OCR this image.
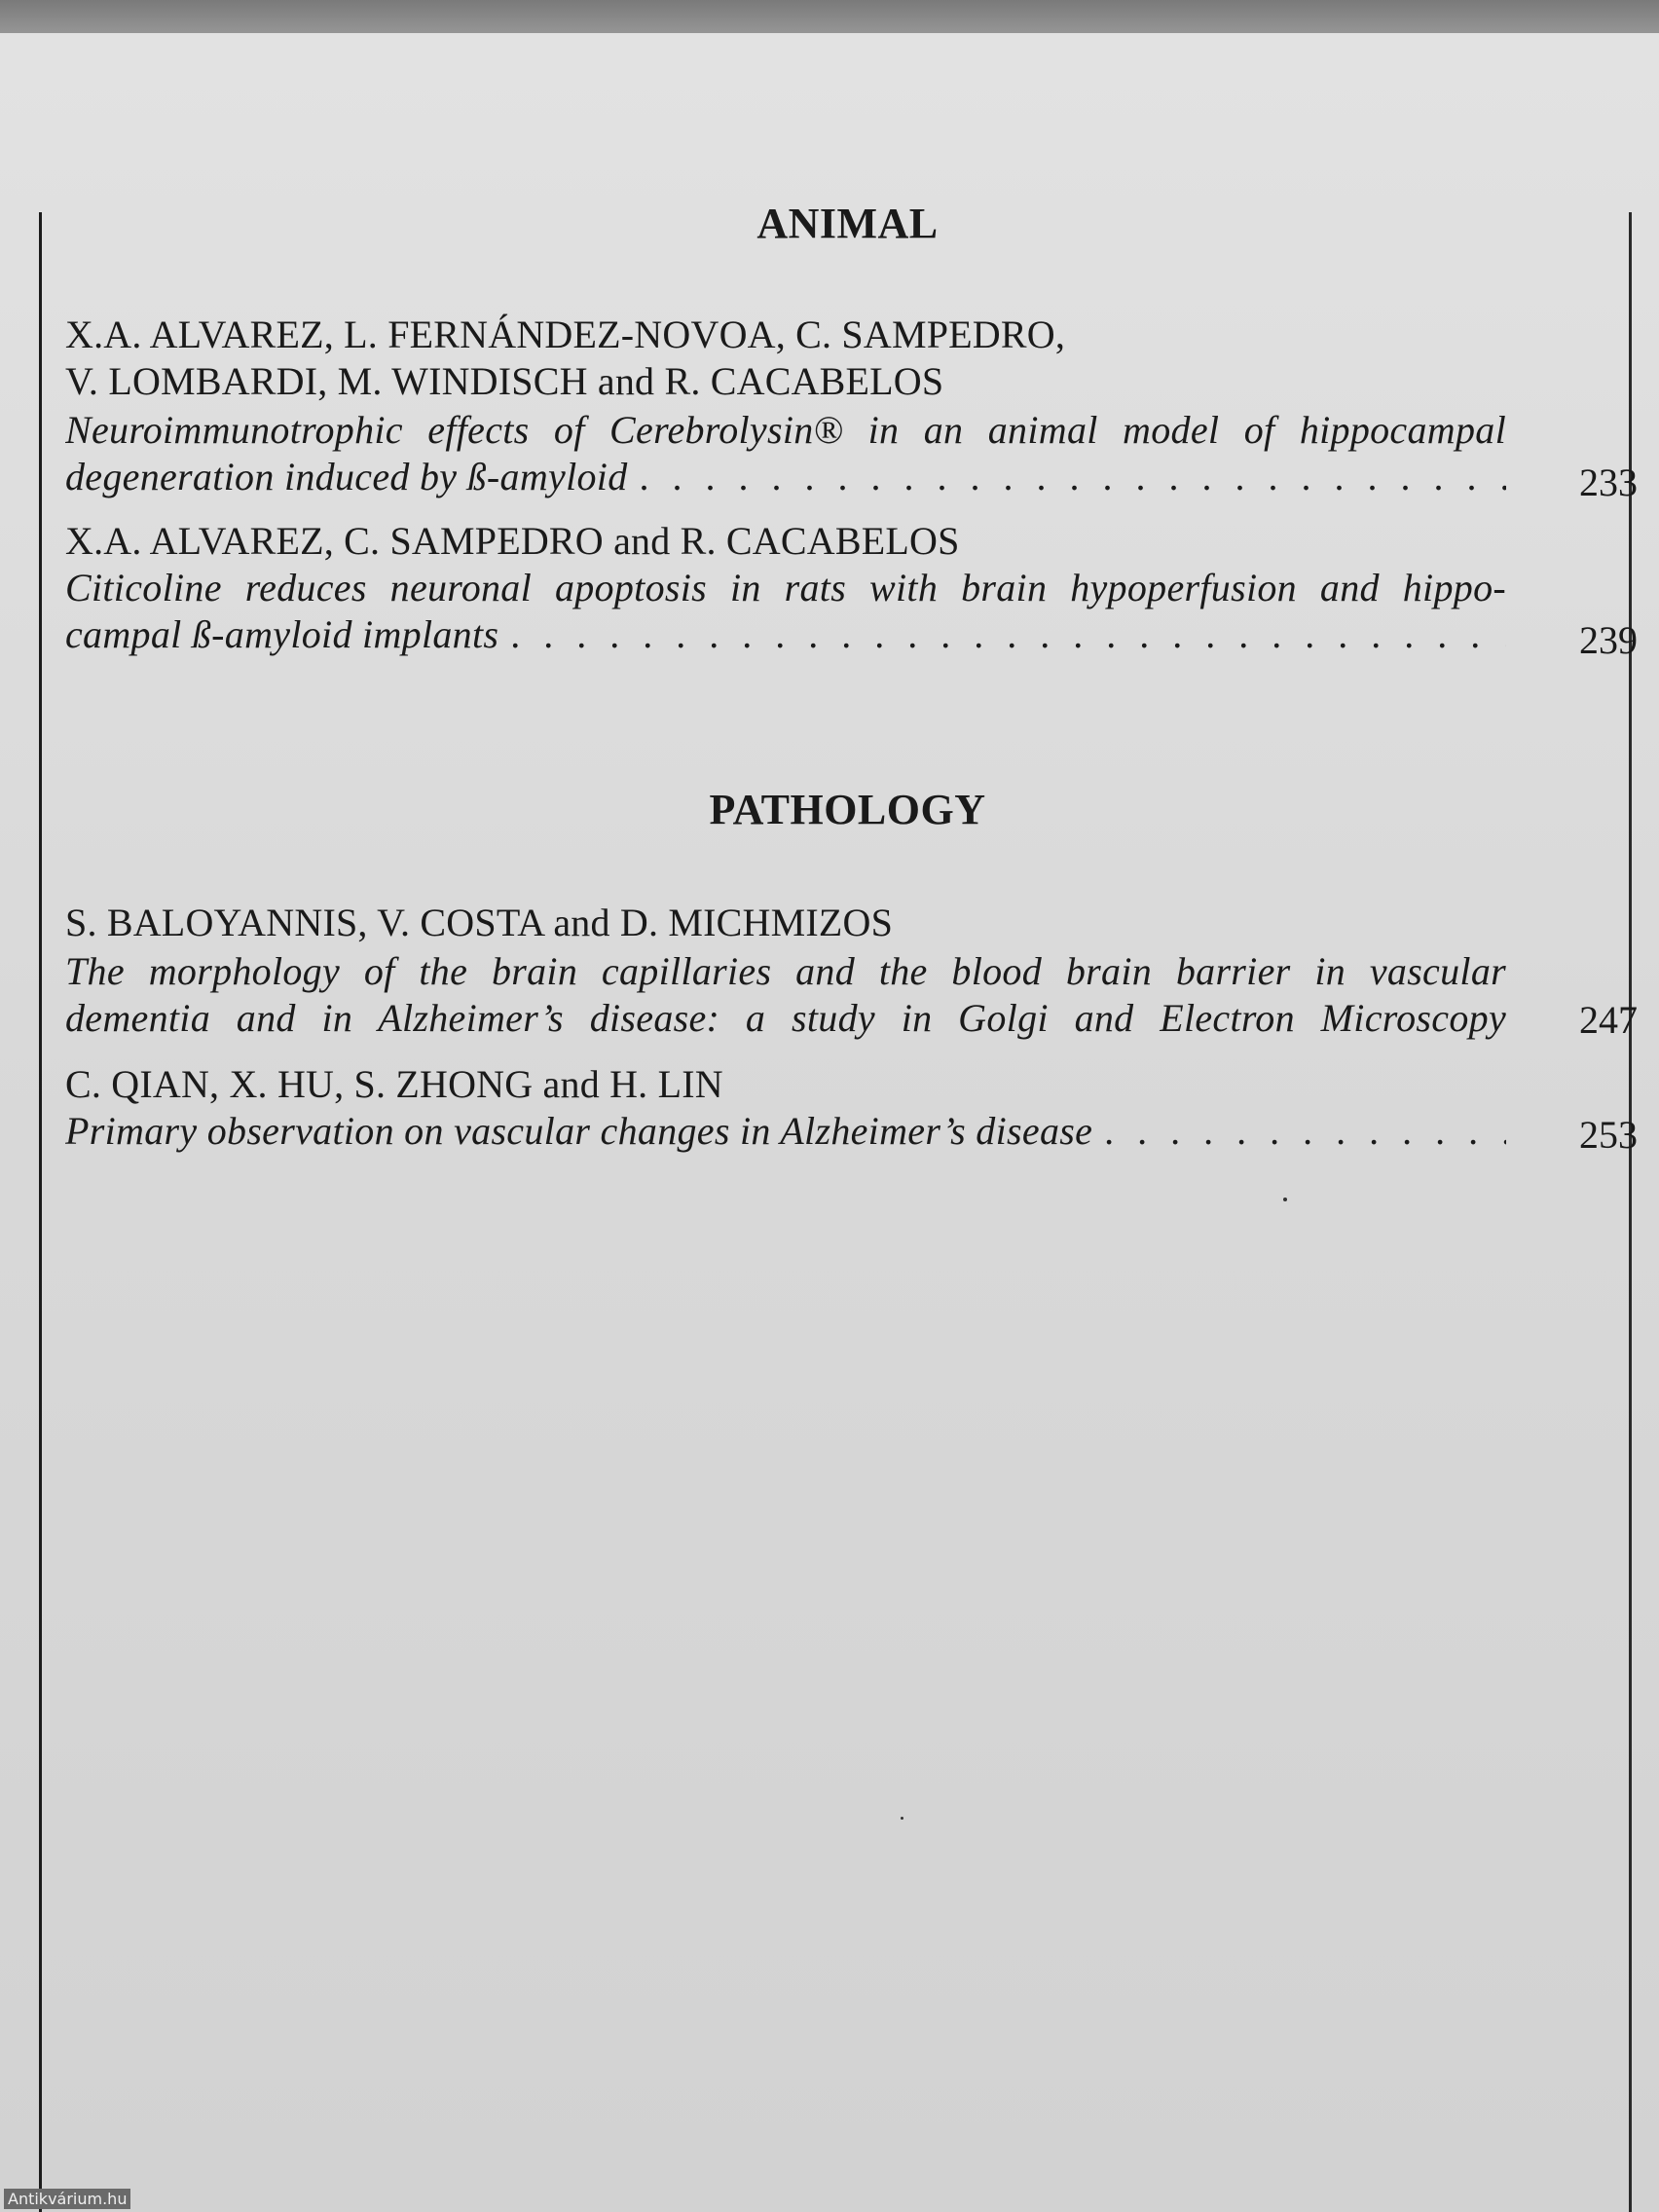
ANIMAL
X.A. ALVAREZ, L. FERNÁNDEZ-NOVOA, C. SAMPEDRO,
V. LOMBARDI, M. WINDISCH and R. CACABELOS
Neuroimmunotrophic effects of Cerebrolysin® in an animal model of hippocampal
degeneration induced by ß-amyloid . . .	233
X.A. ALVAREZ, C. SAMPEDRO and R. CACABELOS
Citicoline reduces neuronal apoptosis in rats with brain hypoperfusion and hippo-
campal ß-amyloid implants . . .	239
PATHOLOGY
S. BALOYANNIS, V. COSTA and D. MICHMIZOS
The morphology of the brain capillaries and the blood brain barrier in vascular
dementia and in Alzheimer’s disease: a study in Golgi and Electron Microscopy	247
C. QIAN, X. HU, S. ZHONG and H. LIN
Primary observation on vascular changes in Alzheimer’s disease . . .	253
Antikvárium.hu
